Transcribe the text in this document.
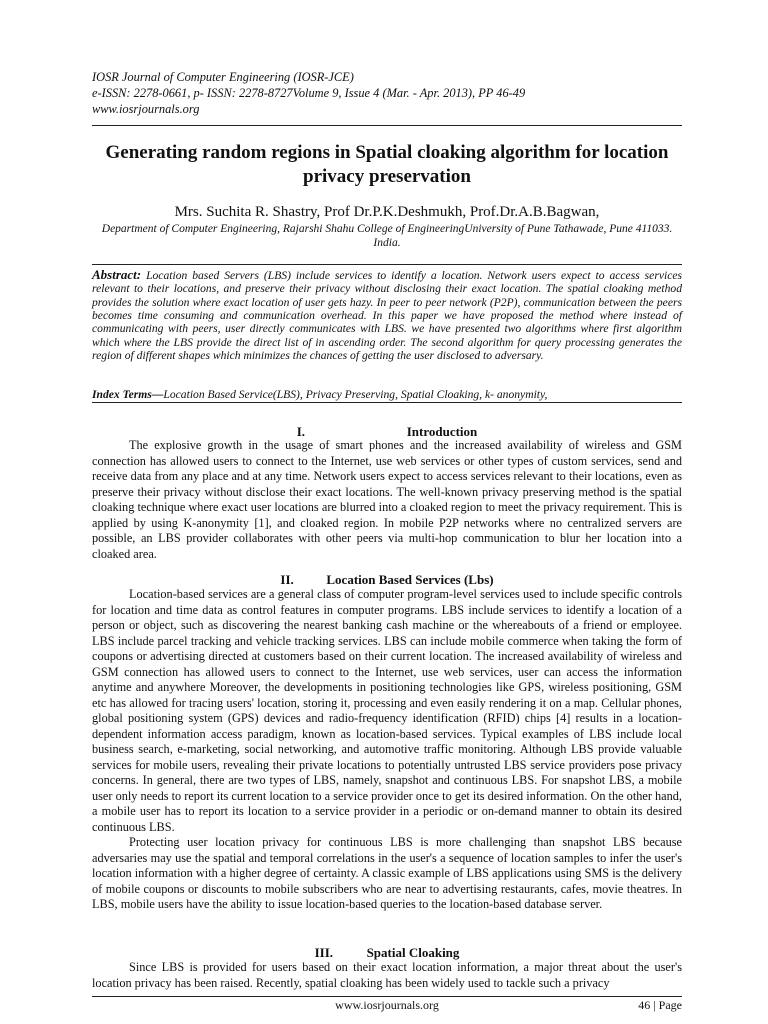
IOSR Journal of Computer Engineering (IOSR-JCE)
e-ISSN: 2278-0661, p- ISSN: 2278-8727Volume 9, Issue 4 (Mar. - Apr. 2013), PP 46-49
www.iosrjournals.org
Generating random regions in Spatial cloaking algorithm for location privacy preservation
Mrs. Suchita R. Shastry, Prof Dr.P.K.Deshmukh, Prof.Dr.A.B.Bagwan,
Department of Computer Engineering, Rajarshi Shahu College of EngineeringUniversity of Pune Tathawade, Pune 411033. India.
Abstract: Location based Servers (LBS) include services to identify a location. Network users expect to access services relevant to their locations, and preserve their privacy without disclosing their exact location. The spatial cloaking method provides the solution where exact location of user gets hazy. In peer to peer network (P2P), communication between the peers becomes time consuming and communication overhead. In this paper we have proposed the method where instead of communicating with peers, user directly communicates with LBS. we have presented two algorithms where first algorithm which where the LBS provide the direct list of in ascending order. The second algorithm for query processing generates the region of different shapes which minimizes the chances of getting the user disclosed to adversary.
Index Terms—Location Based Service(LBS), Privacy Preserving, Spatial Cloaking, k- anonymity,
I.	Introduction

The explosive growth in the usage of smart phones and the increased availability of wireless and GSM connection has allowed users to connect to the Internet, use web services or other types of custom services, send and receive data from any place and at any time. Network users expect to access services relevant to their locations, even as preserve their privacy without disclose their exact locations. The well-known privacy preserving method is the spatial cloaking technique where exact user locations are blurred into a cloaked region to meet the privacy requirement. This is applied by using K-anonymity [1], and cloaked region. In mobile P2P networks where no centralized servers are possible, an LBS provider collaborates with other peers via multi-hop communication to blur her location into a cloaked area.

II.	Location Based Services (Lbs)

Location-based services are a general class of computer program-level services used to include specific controls for location and time data as control features in computer programs. LBS include services to identify a location of a person or object, such as discovering the nearest banking cash machine or the whereabouts of a friend or employee. LBS include parcel tracking and vehicle tracking services. LBS can include mobile commerce when taking the form of coupons or advertising directed at customers based on their current location. The increased availability of wireless and GSM connection has allowed users to connect to the Internet, use web services, user can access the information anytime and anywhere Moreover, the developments in positioning technologies like GPS, wireless positioning, GSM etc has allowed for tracing users' location, storing it, processing and even easily rendering it on a map. Cellular phones, global positioning system (GPS) devices and radio-frequency identification (RFID) chips [4] results in a location- dependent information access paradigm, known as location-based services. Typical examples of LBS include local business search, e-marketing, social networking, and automotive traffic monitoring. Although LBS provide valuable services for mobile users, revealing their private locations to potentially untrusted LBS service providers pose privacy concerns. In general, there are two types of LBS, namely, snapshot and continuous LBS. For snapshot LBS, a mobile user only needs to report its current location to a service provider once to get its desired information. On the other hand, a mobile user has to report its location to a service provider in a periodic or on-demand manner to obtain its desired continuous LBS.

Protecting user location privacy for continuous LBS is more challenging than snapshot LBS because adversaries may use the spatial and temporal correlations in the user's a sequence of location samples to infer the user's location information with a higher degree of certainty. A classic example of LBS applications using SMS is the delivery of mobile coupons or discounts to mobile subscribers who are near to advertising restaurants, cafes, movie theatres. In LBS, mobile users have the ability to issue location-based queries to the location-based database server.

III.	Spatial Cloaking

Since LBS is provided for users based on their exact location information, a major threat about the user's location privacy has been raised. Recently, spatial cloaking has been widely used to tackle such a privacy

www.iosrjournals.org	46 | Page
